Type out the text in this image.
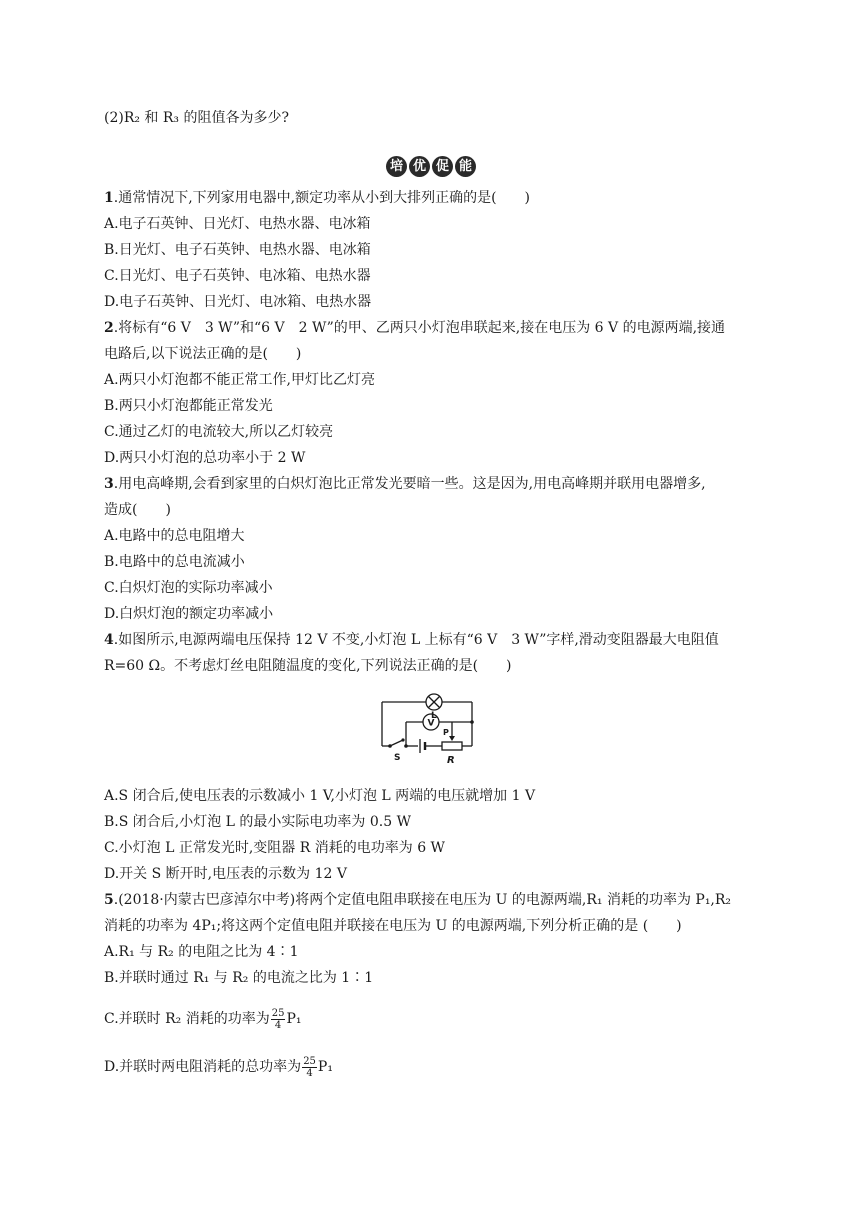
(2)R₂ 和 R₃ 的阻值各为多少?
培 优 促 能
1.通常情况下,下列家用电器中,额定功率从小到大排列正确的是(　　)
A.电子石英钟、日光灯、电热水器、电冰箱
B.日光灯、电子石英钟、电热水器、电冰箱
C.日光灯、电子石英钟、电冰箱、电热水器
D.电子石英钟、日光灯、电冰箱、电热水器
2.将标有“6 V　3 W”和“6 V　2 W”的甲、乙两只小灯泡串联起来,接在电压为 6 V 的电源两端,接通
电路后,以下说法正确的是(　　)
A.两只小灯泡都不能正常工作,甲灯比乙灯亮
B.两只小灯泡都能正常发光
C.通过乙灯的电流较大,所以乙灯较亮
D.两只小灯泡的总功率小于 2 W
3.用电高峰期,会看到家里的白炽灯泡比正常发光要暗一些。这是因为,用电高峰期并联用电器增多,
造成(　　)
A.电路中的总电阻增大
B.电路中的总电流减小
C.白炽灯泡的实际功率减小
D.白炽灯泡的额定功率减小
4.如图所示,电源两端电压保持 12 V 不变,小灯泡 L 上标有“6 V　3 W”字样,滑动变阻器最大电阻值
R=60 Ω。不考虑灯丝电阻随温度的变化,下列说法正确的是(　　)
L
V
P
R
S
A.S 闭合后,使电压表的示数减小 1 V,小灯泡 L 两端的电压就增加 1 V
B.S 闭合后,小灯泡 L 的最小实际电功率为 0.5 W
C.小灯泡 L 正常发光时,变阻器 R 消耗的电功率为 6 W
D.开关 S 断开时,电压表的示数为 12 V
5.(2018·内蒙古巴彦淖尔中考)将两个定值电阻串联接在电压为 U 的电源两端,R₁ 消耗的功率为 P₁,R₂
消耗的功率为 4P₁;将这两个定值电阻并联接在电压为 U 的电源两端,下列分析正确的是 (　　)
A.R₁ 与 R₂ 的电阻之比为 4∶1
B.并联时通过 R₁ 与 R₂ 的电流之比为 1∶1
C.并联时 R₂ 消耗的功率为 $\frac{25}{4} P_1$
D.并联时两电阻消耗的总功率为 $\frac{25}{4} P_1$
